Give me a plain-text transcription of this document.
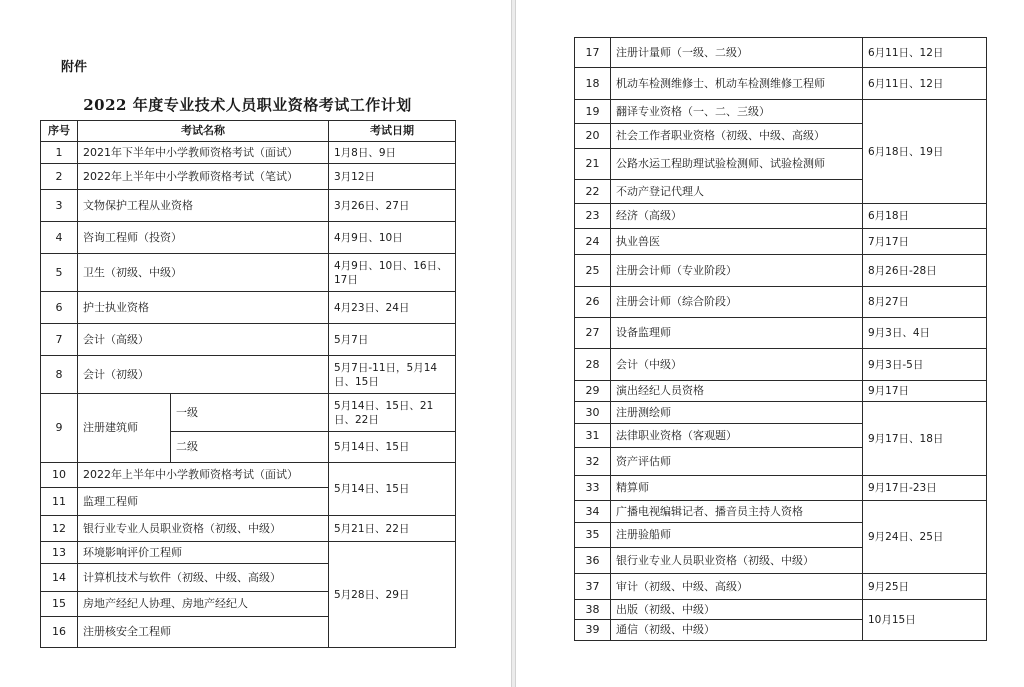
附件
2022 年度专业技术人员职业资格考试工作计划
序号	考试名称		考试日期
1	2021年下半年中小学教师资格考试（面试）		1月8日、9日
2	2022年上半年中小学教师资格考试（笔试）		3月12日
3	文物保护工程从业资格		3月26日、27日
4	咨询工程师（投资）		4月9日、10日
5	卫生（初级、中级）		4月9日、10日、16日、17日
6	护士执业资格		4月23日、24日
7	会计（高级）		5月7日
8	会计（初级）		5月7日-11日，5月14日、15日
9	注册建筑师	一级	5月14日、15日、21日、22日
		二级	5月14日、15日
10	2022年上半年中小学教师资格考试（面试）		5月14日、15日
11	监理工程师		
12	银行业专业人员职业资格（初级、中级）		5月21日、22日
13	环境影响评价工程师		5月28日、29日
14	计算机技术与软件（初级、中级、高级）		
15	房地产经纪人协理、房地产经纪人		
16	注册核安全工程师		
17	注册计量师（一级、二级）	6月11日、12日
18	机动车检测维修士、机动车检测维修工程师	6月11日、12日
19	翻译专业资格（一、二、三级）	6月18日、19日
20	社会工作者职业资格（初级、中级、高级）	
21	公路水运工程助理试验检测师、试验检测师	
22	不动产登记代理人	
23	经济（高级）	6月18日
24	执业兽医	7月17日
25	注册会计师（专业阶段）	8月26日-28日
26	注册会计师（综合阶段）	8月27日
27	设备监理师	9月3日、4日
28	会计（中级）	9月3日-5日
29	演出经纪人员资格	9月17日
30	注册测绘师	9月17日、18日
31	法律职业资格（客观题）	
32	资产评估师	
33	精算师	9月17日-23日
34	广播电视编辑记者、播音员主持人资格	9月24日、25日
35	注册验船师	
36	银行业专业人员职业资格（初级、中级）	
37	审计（初级、中级、高级）	9月25日
38	出版（初级、中级）	10月15日
39	通信（初级、中级）	
